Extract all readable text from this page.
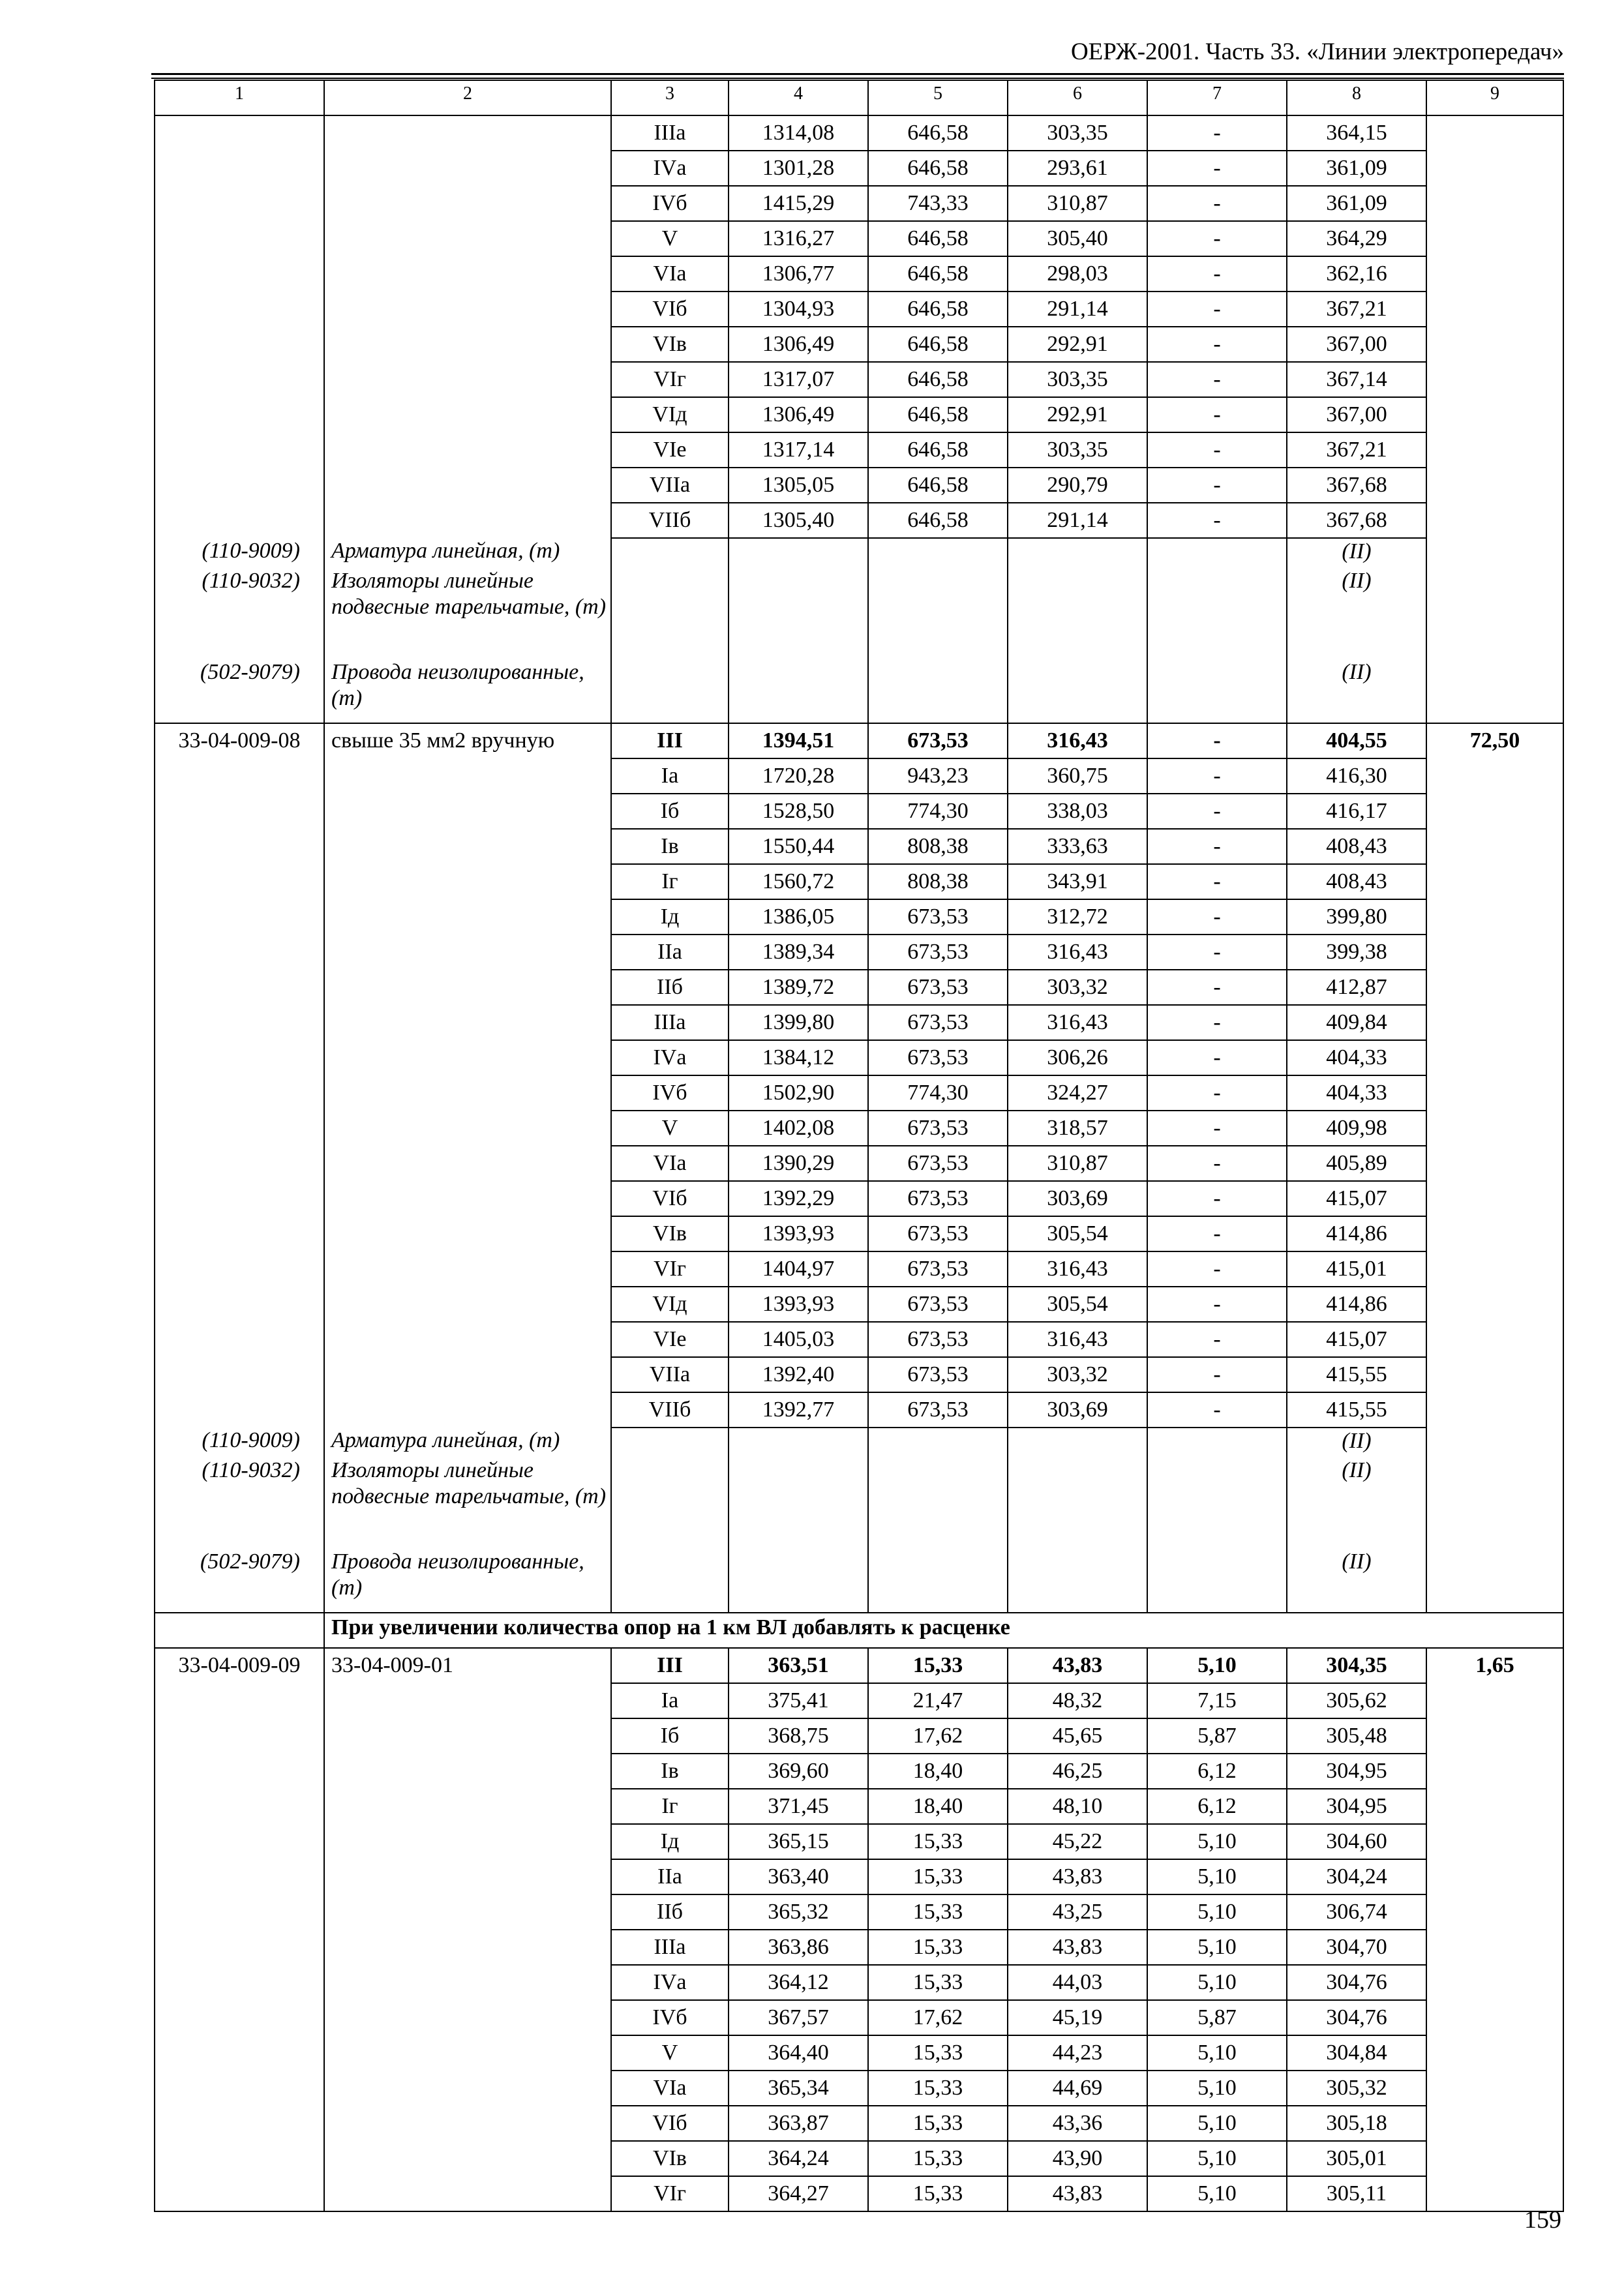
ОЕРЖ-2001. Часть 33. «Линии электропередач»
1	2	3	4	5	6	7	8	9
		IIIа	1314,08	646,58	303,35	-	364,15	
		IVа	1301,28	646,58	293,61	-	361,09	
		IVб	1415,29	743,33	310,87	-	361,09	
		V	1316,27	646,58	305,40	-	364,29	
		VIа	1306,77	646,58	298,03	-	362,16	
		VIб	1304,93	646,58	291,14	-	367,21	
		VIв	1306,49	646,58	292,91	-	367,00	
		VIг	1317,07	646,58	303,35	-	367,14	
		VIд	1306,49	646,58	292,91	-	367,00	
		VIе	1317,14	646,58	303,35	-	367,21	
		VIIа	1305,05	646,58	290,79	-	367,68	
		VIIб	1305,40	646,58	291,14	-	367,68	
(110-9009)	Арматура линейная, (т)						(II)	
(110-9032)	Изоляторы линейные подвесные тарельчатые, (т)						(II)	
(502-9079)	Провода неизолированные, (т)						(II)	
33-04-009-08	свыше 35 мм2 вручную	III	1394,51	673,53	316,43	-	404,55	72,50
		Iа	1720,28	943,23	360,75	-	416,30	
		Iб	1528,50	774,30	338,03	-	416,17	
		Iв	1550,44	808,38	333,63	-	408,43	
		Iг	1560,72	808,38	343,91	-	408,43	
		Iд	1386,05	673,53	312,72	-	399,80	
		IIа	1389,34	673,53	316,43	-	399,38	
		IIб	1389,72	673,53	303,32	-	412,87	
		IIIа	1399,80	673,53	316,43	-	409,84	
		IVа	1384,12	673,53	306,26	-	404,33	
		IVб	1502,90	774,30	324,27	-	404,33	
		V	1402,08	673,53	318,57	-	409,98	
		VIа	1390,29	673,53	310,87	-	405,89	
		VIб	1392,29	673,53	303,69	-	415,07	
		VIв	1393,93	673,53	305,54	-	414,86	
		VIг	1404,97	673,53	316,43	-	415,01	
		VIд	1393,93	673,53	305,54	-	414,86	
		VIе	1405,03	673,53	316,43	-	415,07	
		VIIа	1392,40	673,53	303,32	-	415,55	
		VIIб	1392,77	673,53	303,69	-	415,55	
(110-9009)	Арматура линейная, (т)						(II)	
(110-9032)	Изоляторы линейные подвесные тарельчатые, (т)						(II)	
(502-9079)	Провода неизолированные, (т)						(II)	
	При увеличении количества опор на 1 км ВЛ добавлять к расценке							
33-04-009-09	33-04-009-01	III	363,51	15,33	43,83	5,10	304,35	1,65
		Iа	375,41	21,47	48,32	7,15	305,62	
		Iб	368,75	17,62	45,65	5,87	305,48	
		Iв	369,60	18,40	46,25	6,12	304,95	
		Iг	371,45	18,40	48,10	6,12	304,95	
		Iд	365,15	15,33	45,22	5,10	304,60	
		IIа	363,40	15,33	43,83	5,10	304,24	
		IIб	365,32	15,33	43,25	5,10	306,74	
		IIIа	363,86	15,33	43,83	5,10	304,70	
		IVа	364,12	15,33	44,03	5,10	304,76	
		IVб	367,57	17,62	45,19	5,87	304,76	
		V	364,40	15,33	44,23	5,10	304,84	
		VIа	365,34	15,33	44,69	5,10	305,32	
		VIб	363,87	15,33	43,36	5,10	305,18	
		VIв	364,24	15,33	43,90	5,10	305,01	
		VIг	364,27	15,33	43,83	5,10	305,11	
159
